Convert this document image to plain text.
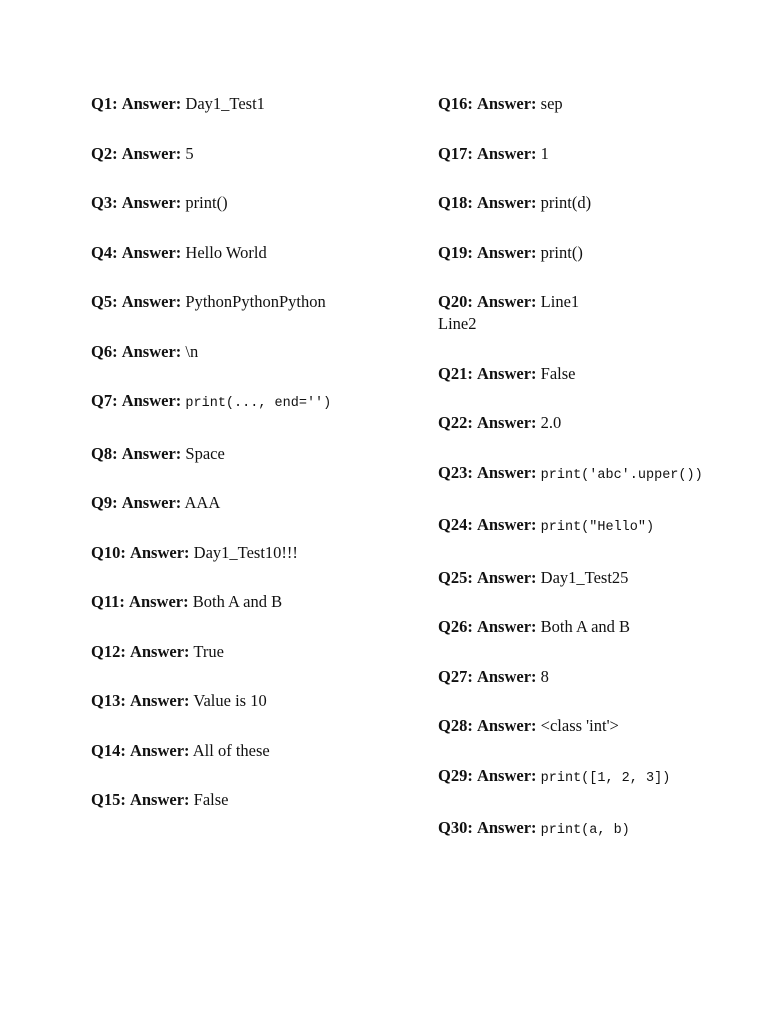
Q1: Answer: Day1_Test1

Q2: Answer: 5

Q3: Answer: print()

Q4: Answer: Hello World

Q5: Answer: PythonPythonPython

Q6: Answer: \n

Q7: Answer: print(..., end='')

Q8: Answer: Space

Q9: Answer: AAA

Q10: Answer: Day1_Test10!!!

Q11: Answer: Both A and B

Q12: Answer: True

Q13: Answer: Value is 10

Q14: Answer: All of these

Q15: Answer: False

Q16: Answer: sep

Q17: Answer: 1

Q18: Answer: print(d)

Q19: Answer: print()

Q20: Answer: Line1
Line2

Q21: Answer: False

Q22: Answer: 2.0

Q23: Answer: print('abc'.upper())

Q24: Answer: print("Hello")

Q25: Answer: Day1_Test25

Q26: Answer: Both A and B

Q27: Answer: 8

Q28: Answer: <class 'int'>

Q29: Answer: print([1, 2, 3])

Q30: Answer: print(a, b)
